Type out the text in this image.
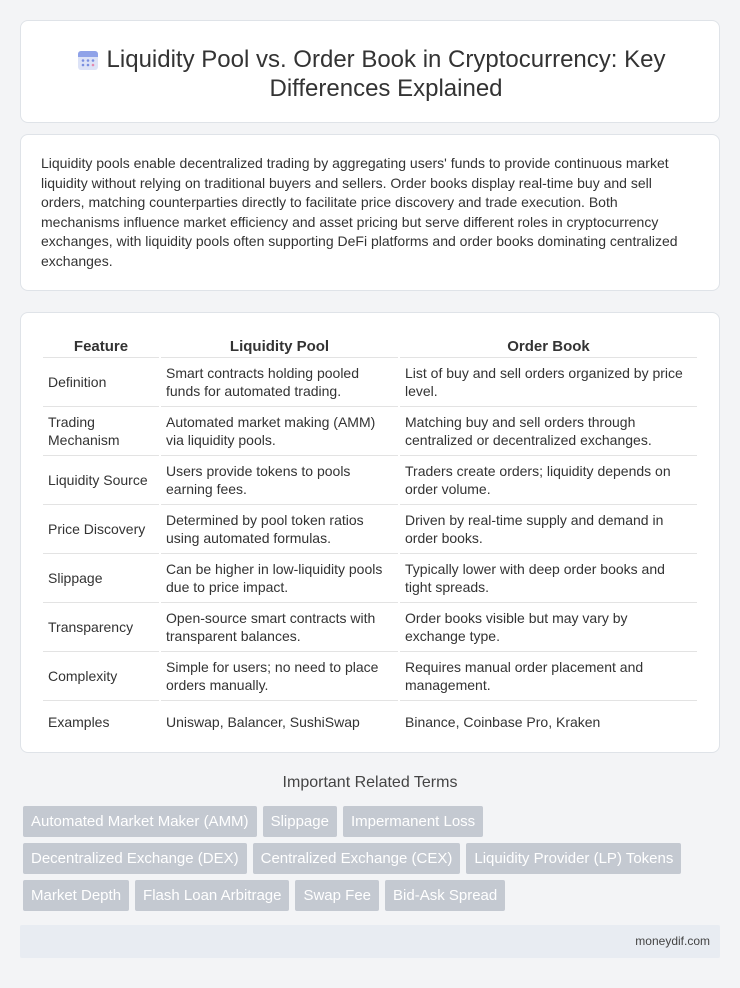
Liquidity Pool vs. Order Book in Cryptocurrency: Key Differences Explained

Liquidity pools enable decentralized trading by aggregating users' funds to provide continuous market liquidity without relying on traditional buyers and sellers. Order books display real-time buy and sell orders, matching counterparties directly to facilitate price discovery and trade execution. Both mechanisms influence market efficiency and asset pricing but serve different roles in cryptocurrency exchanges, with liquidity pools often supporting DeFi platforms and order books dominating centralized exchanges.

Feature	Liquidity Pool	Order Book
Definition	Smart contracts holding pooled funds for automated trading.	List of buy and sell orders organized by price level.
Trading Mechanism	Automated market making (AMM) via liquidity pools.	Matching buy and sell orders through centralized or decentralized exchanges.
Liquidity Source	Users provide tokens to pools earning fees.	Traders create orders; liquidity depends on order volume.
Price Discovery	Determined by pool token ratios using automated formulas.	Driven by real-time supply and demand in order books.
Slippage	Can be higher in low-liquidity pools due to price impact.	Typically lower with deep order books and tight spreads.
Transparency	Open-source smart contracts with transparent balances.	Order books visible but may vary by exchange type.
Complexity	Simple for users; no need to place orders manually.	Requires manual order placement and management.
Examples	Uniswap, Balancer, SushiSwap	Binance, Coinbase Pro, Kraken
Important Related Terms
Automated Market Maker (AMM)	Slippage	Impermanent Loss
Decentralized Exchange (DEX)	Centralized Exchange (CEX)	Liquidity Provider (LP) Tokens
Market Depth	Flash Loan Arbitrage	Swap Fee	Bid-Ask Spread
moneydif.com
